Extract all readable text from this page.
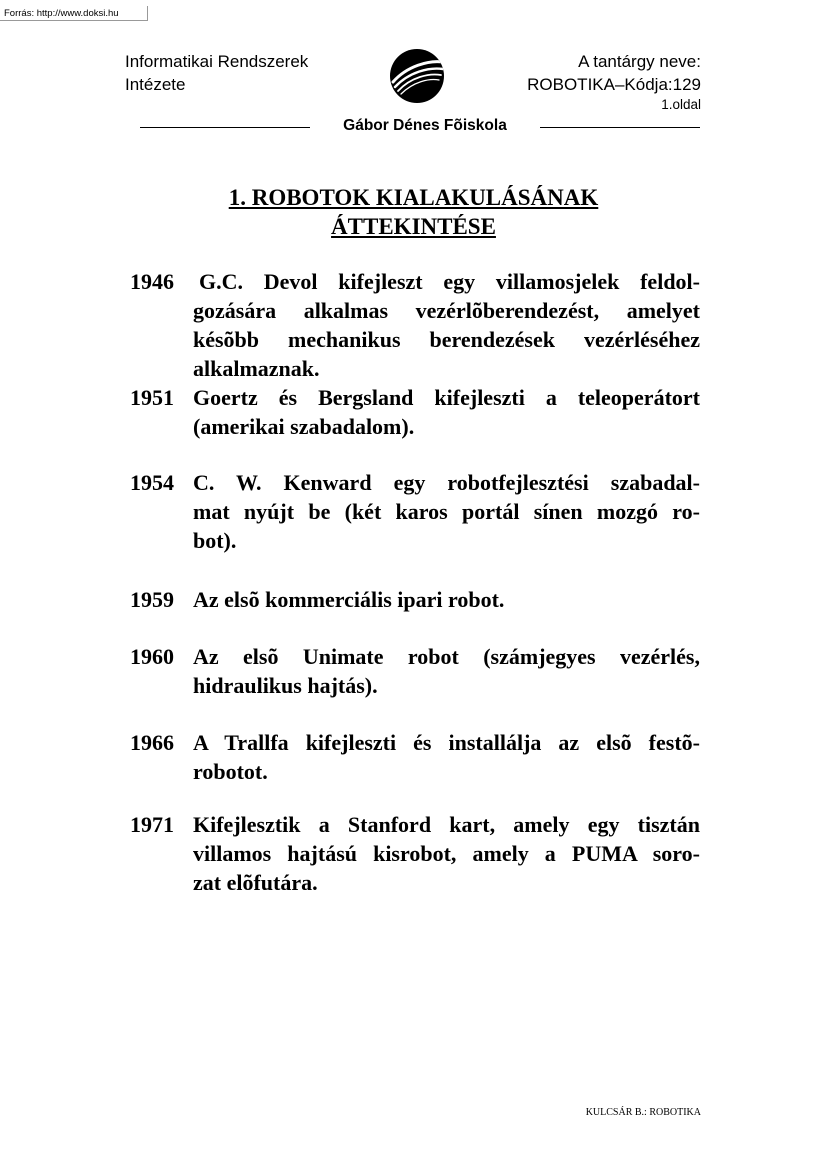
Forrás: http://www.doksi.hu
Informatikai Rendszerek
Intézete
A tantárgy neve:
ROBOTIKA–Kódja:129
1.oldal
Gábor Dénes Fõiskola
1. ROBOTOK KIALAKULÁSÁNAK
ÁTTEKINTÉSE
1946	G.C. Devol kifejleszt egy villamosjelek feldol-
gozására alkalmas vezérlõberendezést, amelyet
késõbb mechanikus berendezések vezérléséhez
alkalmaznak.
1951 Goertz és Bergsland kifejleszti a teleoperátort
(amerikai szabadalom).
1954 C. W. Kenward egy robotfejlesztési szabadal-
mat nyújt be (két karos portál sínen mozgó ro-
bot).
1959 Az elsõ kommerciális ipari robot.
1960 Az elsõ Unimate robot (számjegyes vezérlés,
hidraulikus hajtás).
1966 A Trallfa kifejleszti és installálja az elsõ festõ-
robotot.
1971 Kifejlesztik a Stanford kart, amely egy tisztán
villamos hajtású kisrobot, amely a PUMA soro-
zat elõfutára.
KULCSÁR B.: ROBOTIKA
